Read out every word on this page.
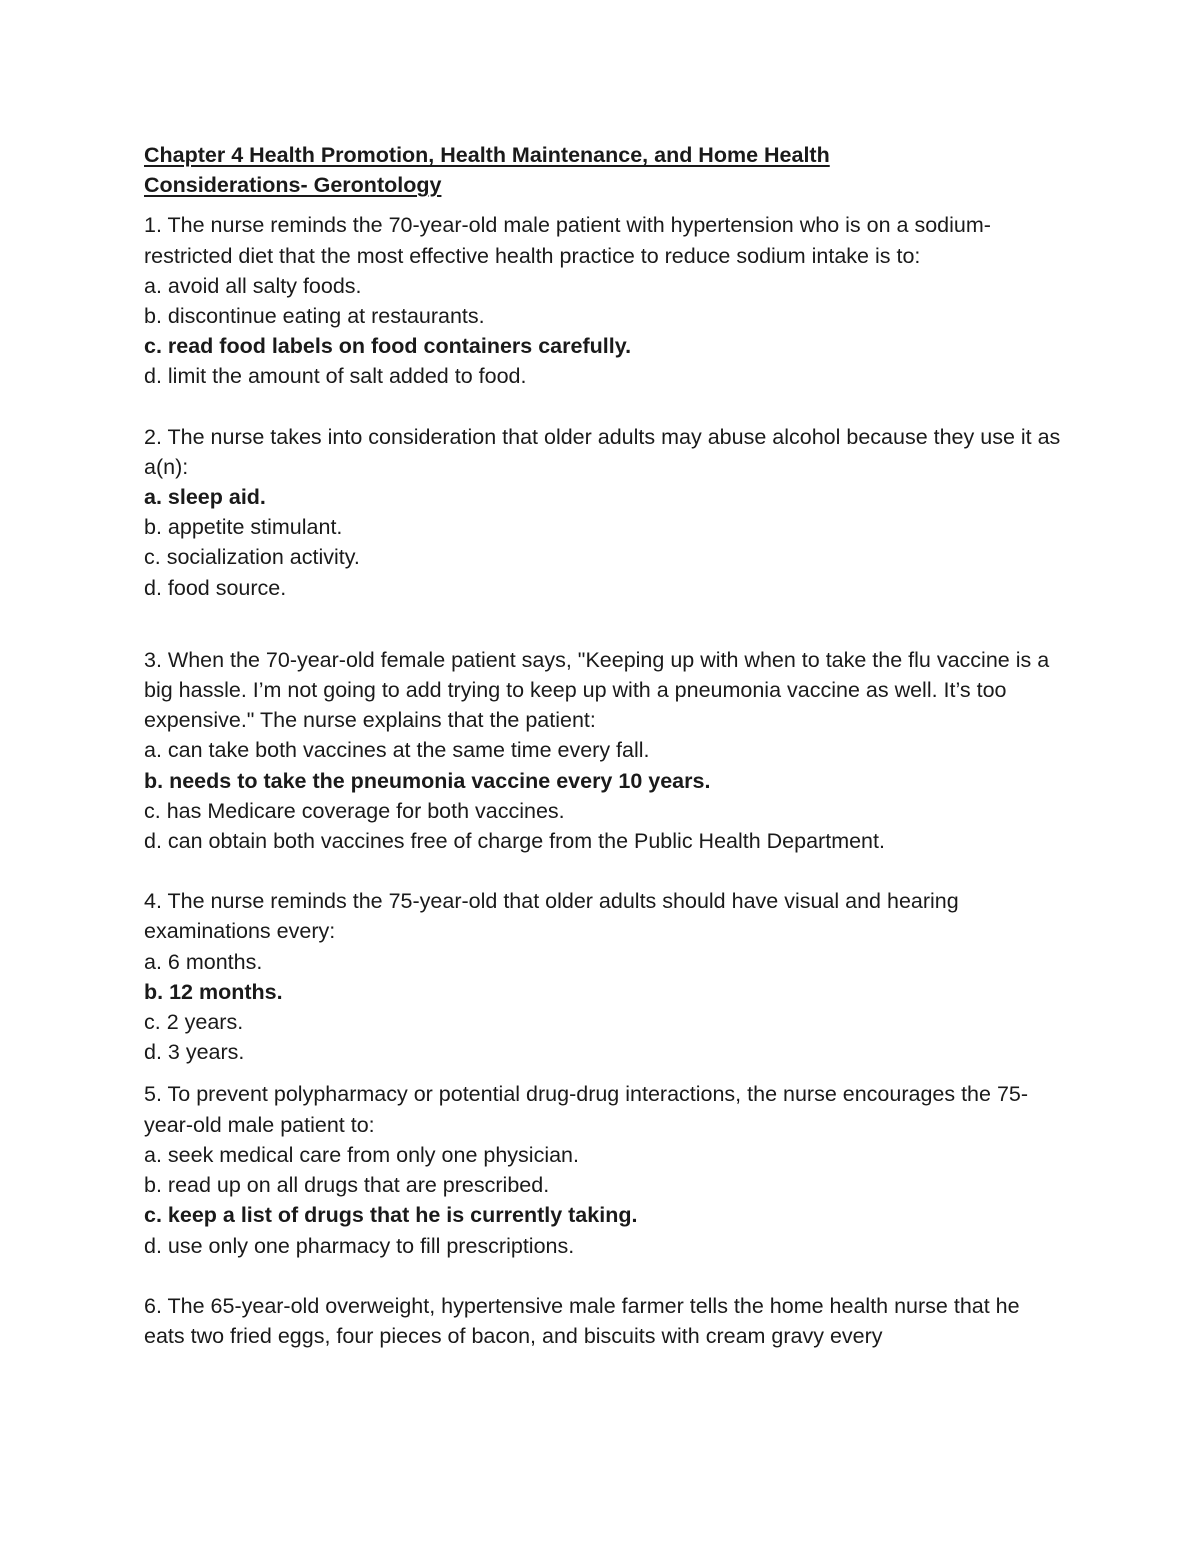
Chapter 4 Health Promotion, Health Maintenance, and Home Health
Considerations- Gerontology

1. The nurse reminds the 70-year-old male patient with hypertension who is on a sodium-restricted diet that the most effective health practice to reduce sodium intake is to:

a. avoid all salty foods.

b. discontinue eating at restaurants.

c. read food labels on food containers carefully.

d. limit the amount of salt added to food.

2. The nurse takes into consideration that older adults may abuse alcohol because they use it as a(n):

a. sleep aid.

b. appetite stimulant.

c. socialization activity.

d. food source.

3. When the 70-year-old female patient says, "Keeping up with when to take the flu vaccine is a big hassle. I’m not going to add trying to keep up with a pneumonia vaccine as well. It’s too expensive." The nurse explains that the patient:

a. can take both vaccines at the same time every fall.

b. needs to take the pneumonia vaccine every 10 years.

c. has Medicare coverage for both vaccines.

d. can obtain both vaccines free of charge from the Public Health Department.

4. The nurse reminds the 75-year-old that older adults should have visual and hearing examinations every:

a. 6 months.

b. 12 months.

c. 2 years.

d. 3 years.

5. To prevent polypharmacy or potential drug-drug interactions, the nurse encourages the 75-year-old male patient to:

a. seek medical care from only one physician.

b. read up on all drugs that are prescribed.

c. keep a list of drugs that he is currently taking.

d. use only one pharmacy to fill prescriptions.

6. The 65-year-old overweight, hypertensive male farmer tells the home health nurse that he eats two fried eggs, four pieces of bacon, and biscuits with cream gravy every
